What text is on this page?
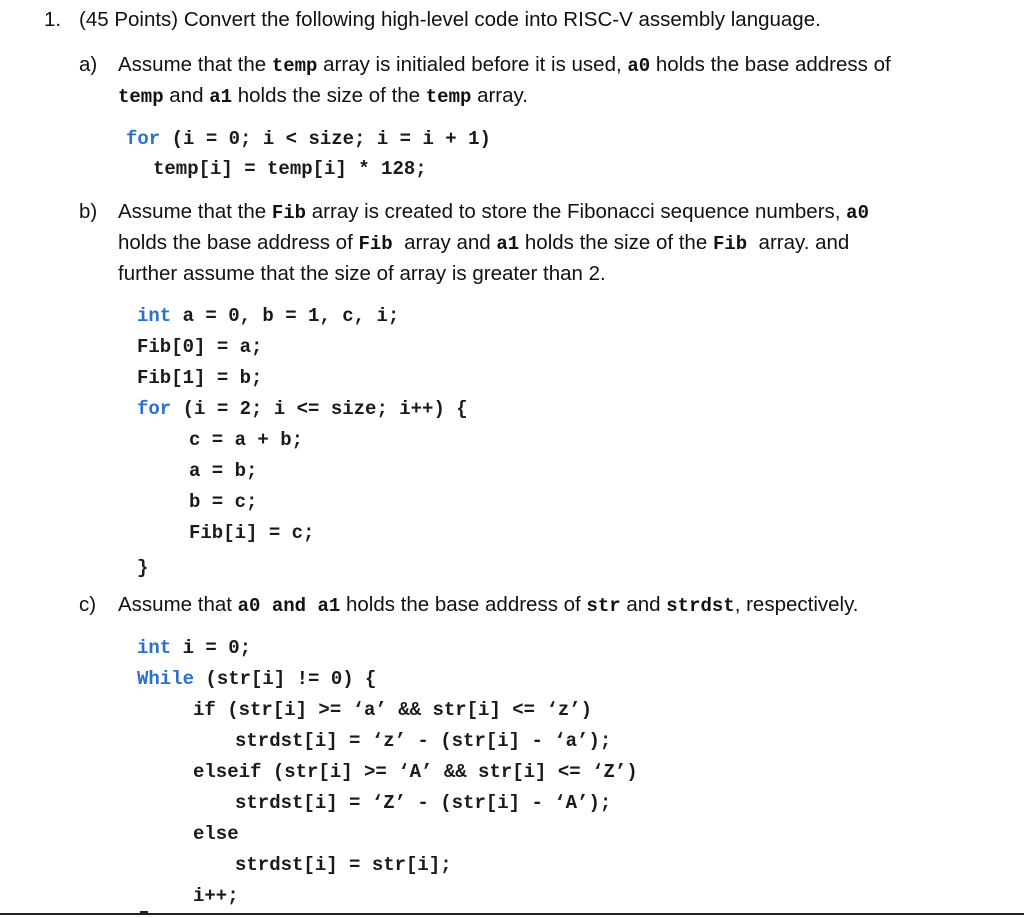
1. (45 Points) Convert the following high-level code into RISC-V assembly language.
a) Assume that the temp array is initialed before it is used, a0 holds the base address of
temp and a1 holds the size of the temp array.
for (i = 0; i < size; i = i + 1)
temp[i] = temp[i] * 128;
b) Assume that the Fib array is created to store the Fibonacci sequence numbers, a0
holds the base address of Fib  array and a1 holds the size of the Fib  array. and
further assume that the size of array is greater than 2.
int a = 0, b = 1, c, i;
Fib[0] = a;
Fib[1] = b;
for (i = 2; i <= size; i++) {
c = a + b;
a = b;
b = c;
Fib[i] = c;
}
c) Assume that a0 and a1 holds the base address of str and strdst, respectively.
int i = 0;
While (str[i] != 0) {
if (str[i] >= ‘a’ && str[i] <= ‘z’)
strdst[i] = ‘z’ - (str[i] - ‘a’);
elseif (str[i] >= ‘A’ && str[i] <= ‘Z’)
strdst[i] = ‘Z’ - (str[i] - ‘A’);
else
strdst[i] = str[i];
i++;
